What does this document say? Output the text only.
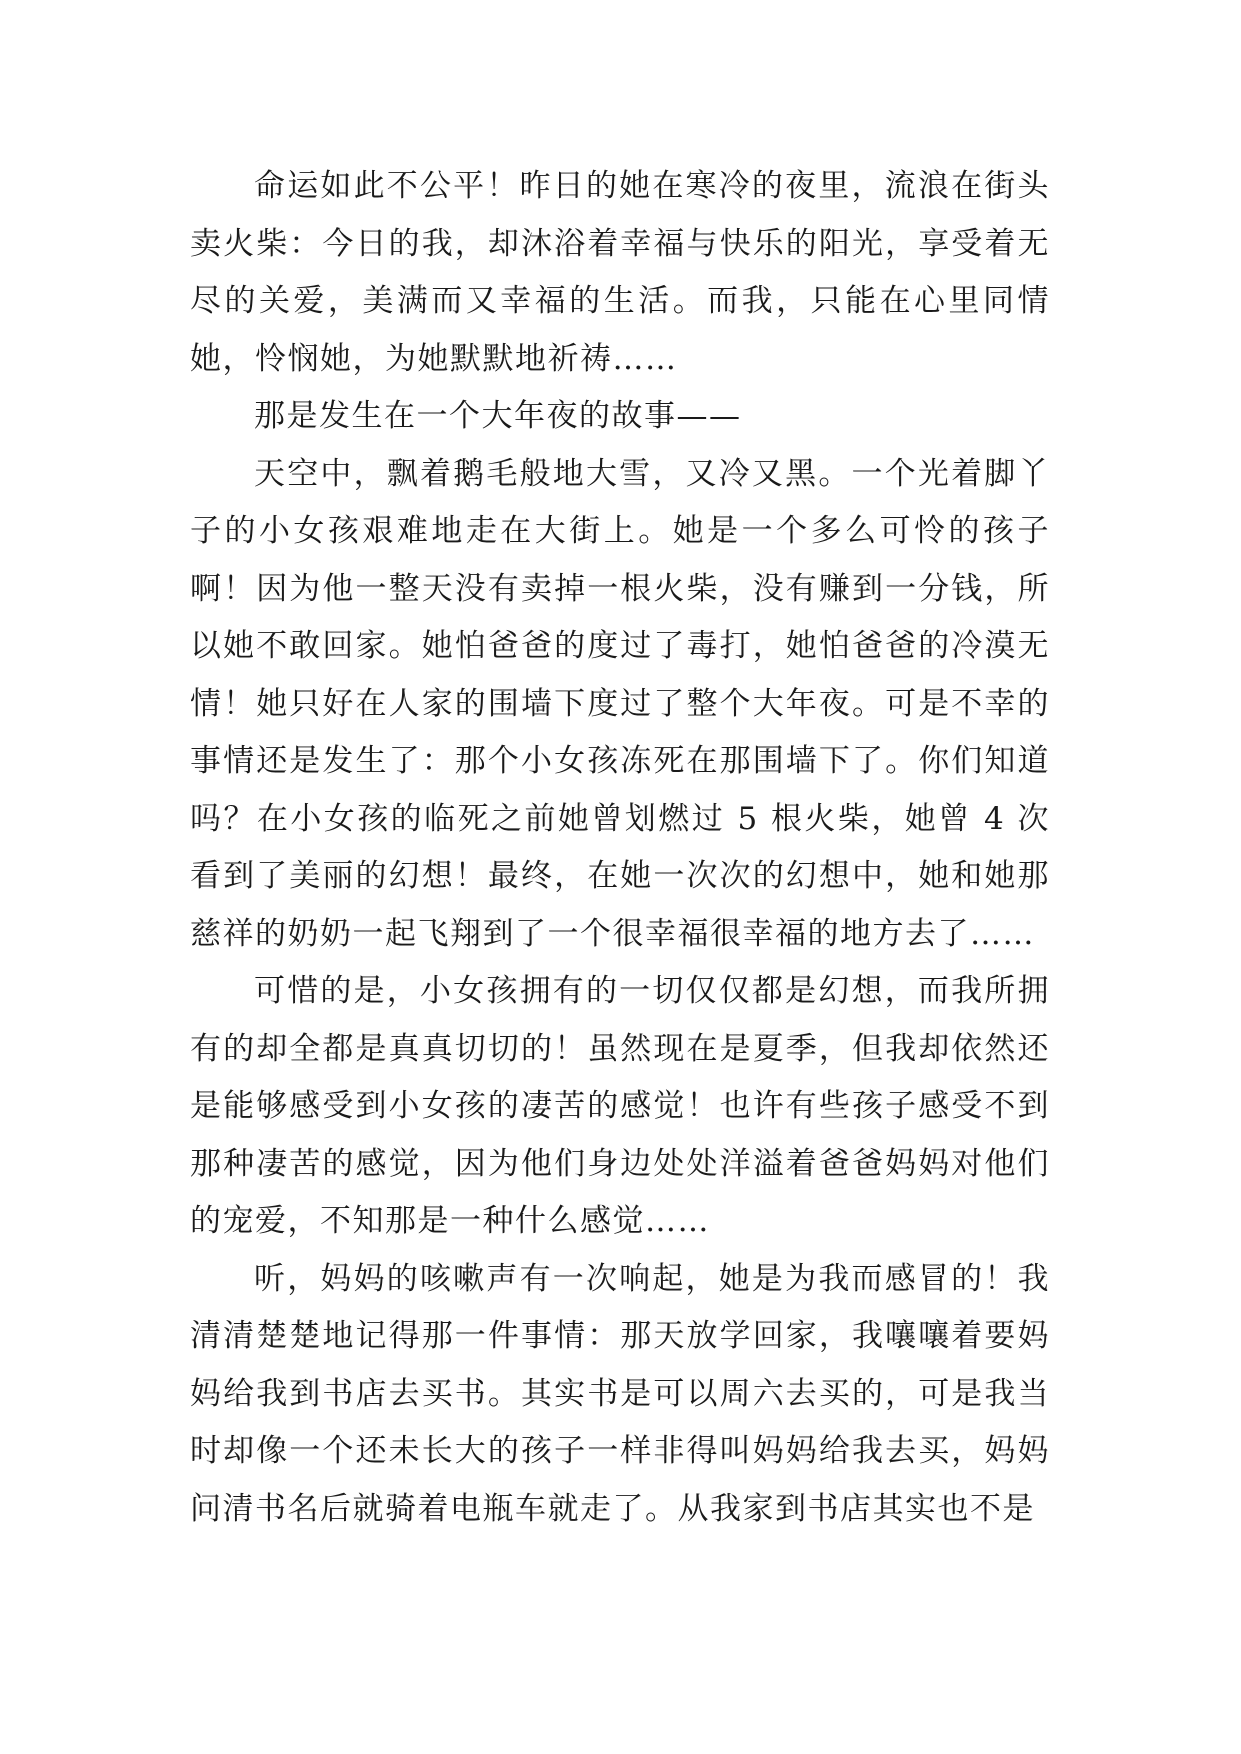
命运如此不公平！昨日的她在寒冷的夜里，流浪在街头卖火柴：今日的我，却沐浴着幸福与快乐的阳光，享受着无尽的关爱，美满而又幸福的生活。而我，只能在心里同情她，怜悯她，为她默默地祈祷……

那是发生在一个大年夜的故事——

天空中，飘着鹅毛般地大雪，又冷又黑。一个光着脚丫子的小女孩艰难地走在大街上。她是一个多么可怜的孩子啊！因为他一整天没有卖掉一根火柴，没有赚到一分钱，所以她不敢回家。她怕爸爸的度过了毒打，她怕爸爸的冷漠无情！她只好在人家的围墙下度过了整个大年夜。可是不幸的事情还是发生了：那个小女孩冻死在那围墙下了。你们知道吗？在小女孩的临死之前她曾划燃过 5 根火柴，她曾 4 次看到了美丽的幻想！最终，在她一次次的幻想中，她和她那慈祥的奶奶一起飞翔到了一个很幸福很幸福的地方去了……

可惜的是，小女孩拥有的一切仅仅都是幻想，而我所拥有的却全都是真真切切的！虽然现在是夏季，但我却依然还是能够感受到小女孩的凄苦的感觉！也许有些孩子感受不到那种凄苦的感觉，因为他们身边处处洋溢着爸爸妈妈对他们的宠爱，不知那是一种什么感觉……

听，妈妈的咳嗽声有一次响起，她是为我而感冒的！我清清楚楚地记得那一件事情：那天放学回家，我嚷嚷着要妈妈给我到书店去买书。其实书是可以周六去买的，可是我当时却像一个还未长大的孩子一样非得叫妈妈给我去买，妈妈问清书名后就骑着电瓶车就走了。从我家到书店其实也不是
